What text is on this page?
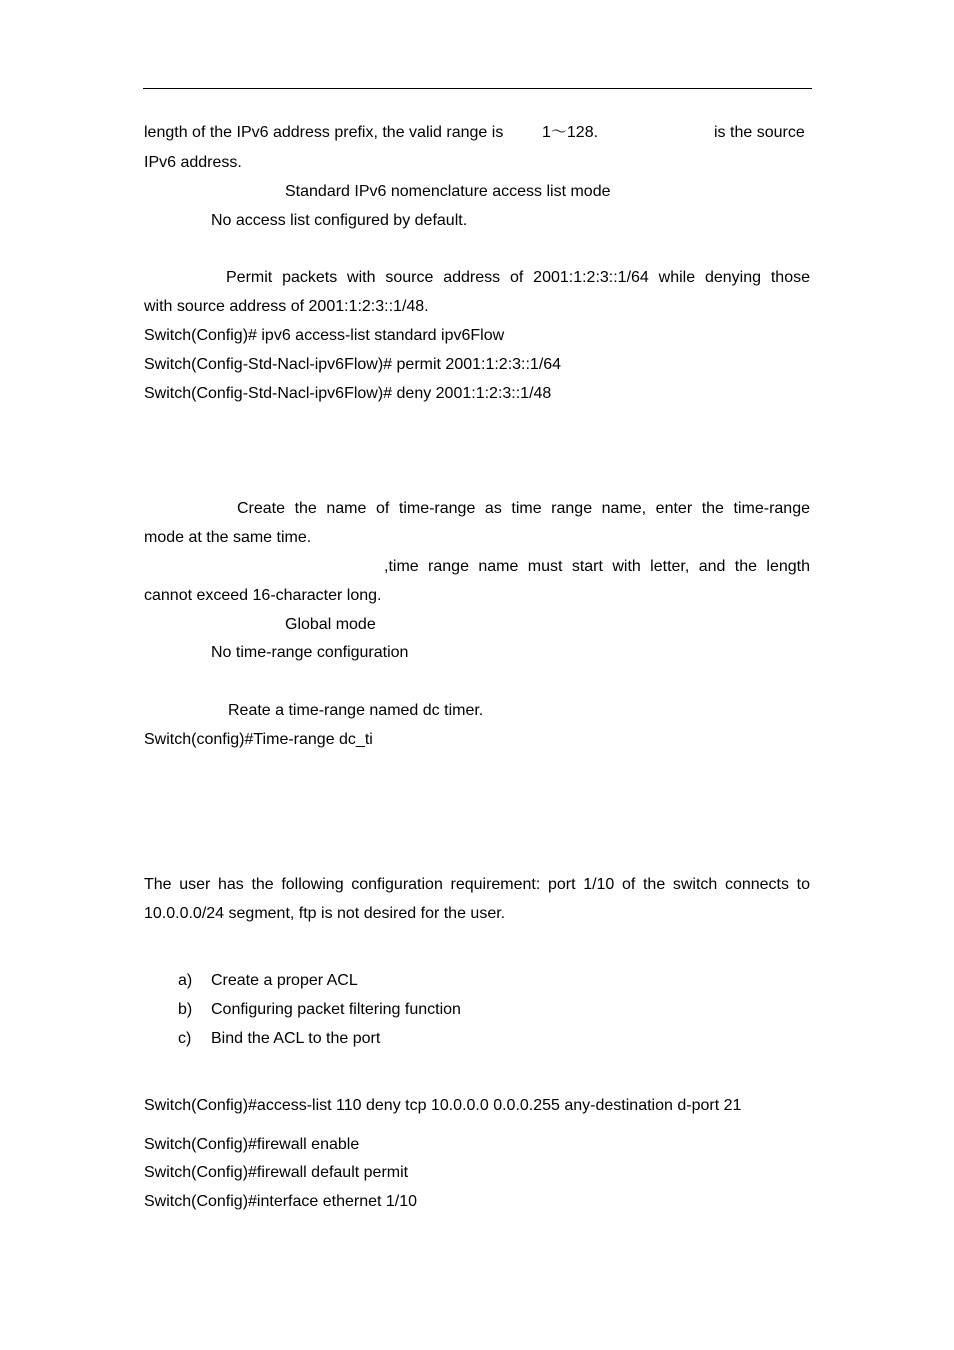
length of the IPv6 address prefix, the valid range is 1～128.	is the source
IPv6 address.
Standard IPv6 nomenclature access list mode
No access list configured by default.
Permit packets with source address of 2001:1:2:3::1/64 while denying those
with source address of 2001:1:2:3::1/48.
Switch(Config)# ipv6 access-list standard ipv6Flow
Switch(Config-Std-Nacl-ipv6Flow)# permit 2001:1:2:3::1/64
Switch(Config-Std-Nacl-ipv6Flow)# deny 2001:1:2:3::1/48
Create the name of time-range as time range name, enter the time-range
mode at the same time.
,time range name must start with letter, and the length
cannot exceed 16-character long.
Global mode
No time-range configuration
Reate a time-range named dc timer.
Switch(config)#Time-range dc_ti
The user has the following configuration requirement: port 1/10 of the switch connects to
10.0.0.0/24 segment, ftp is not desired for the user.
a) Create a proper ACL
b) Configuring packet filtering function
c) Bind the ACL to the port
Switch(Config)#access-list 110 deny tcp 10.0.0.0 0.0.0.255 any-destination d-port 21
Switch(Config)#firewall enable
Switch(Config)#firewall default permit
Switch(Config)#interface ethernet 1/10
